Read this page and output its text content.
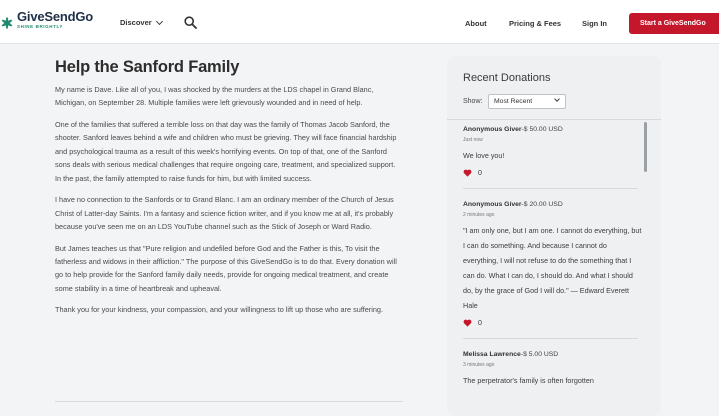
GiveSendGo
SHINE BRIGHTLY	Discover	About	Pricing & Fees	Sign In	Start a GiveSendGo
Help the Sanford Family

My name is Dave. Like all of you, I was shocked by the murders at the LDS chapel in Grand Blanc, Michigan, on September 28. Multiple families were left grievously wounded and in need of help.

One of the families that suffered a terrible loss on that day was the family of Thomas Jacob Sanford, the shooter. Sanford leaves behind a wife and children who must be grieving. They will face financial hardship and psychological trauma as a result of this week's horrifying events. On top of that, one of the Sanford sons deals with serious medical challenges that require ongoing care, treatment, and specialized support. In the past, the family attempted to raise funds for him, but with limited success.

I have no connection to the Sanfords or to Grand Blanc. I am an ordinary member of the Church of Jesus Christ of Latter-day Saints. I'm a fantasy and science fiction writer, and if you know me at all, it's probably because you've seen me on an LDS YouTube channel such as the Stick of Joseph or Ward Radio.

But James teaches us that "Pure religion and undefiled before God and the Father is this, To visit the fatherless and widows in their affliction." The purpose of this GiveSendGo is to do that. Every donation will go to help provide for the Sanford family daily needs, provide for ongoing medical treatment, and create some stability in a time of heartbreak and upheaval.

Thank you for your kindness, your compassion, and your willingness to lift up those who are suffering.

Recent Donations
Show:	Most Recent
Anonymous Giver-$ 50.00 USD
Just now
We love you!
0
Anonymous Giver-$ 20.00 USD
2 minutes ago
"I am only one, but I am one. I cannot do everything, but I can do something. And because I cannot do everything, I will not refuse to do the something that I can do. What I can do, I should do. And what I should do, by the grace of God I will do." — Edward Everett Hale
0
Melissa Lawrence-$ 5.00 USD
3 minutes ago
The perpetrator's family is often forgotten
